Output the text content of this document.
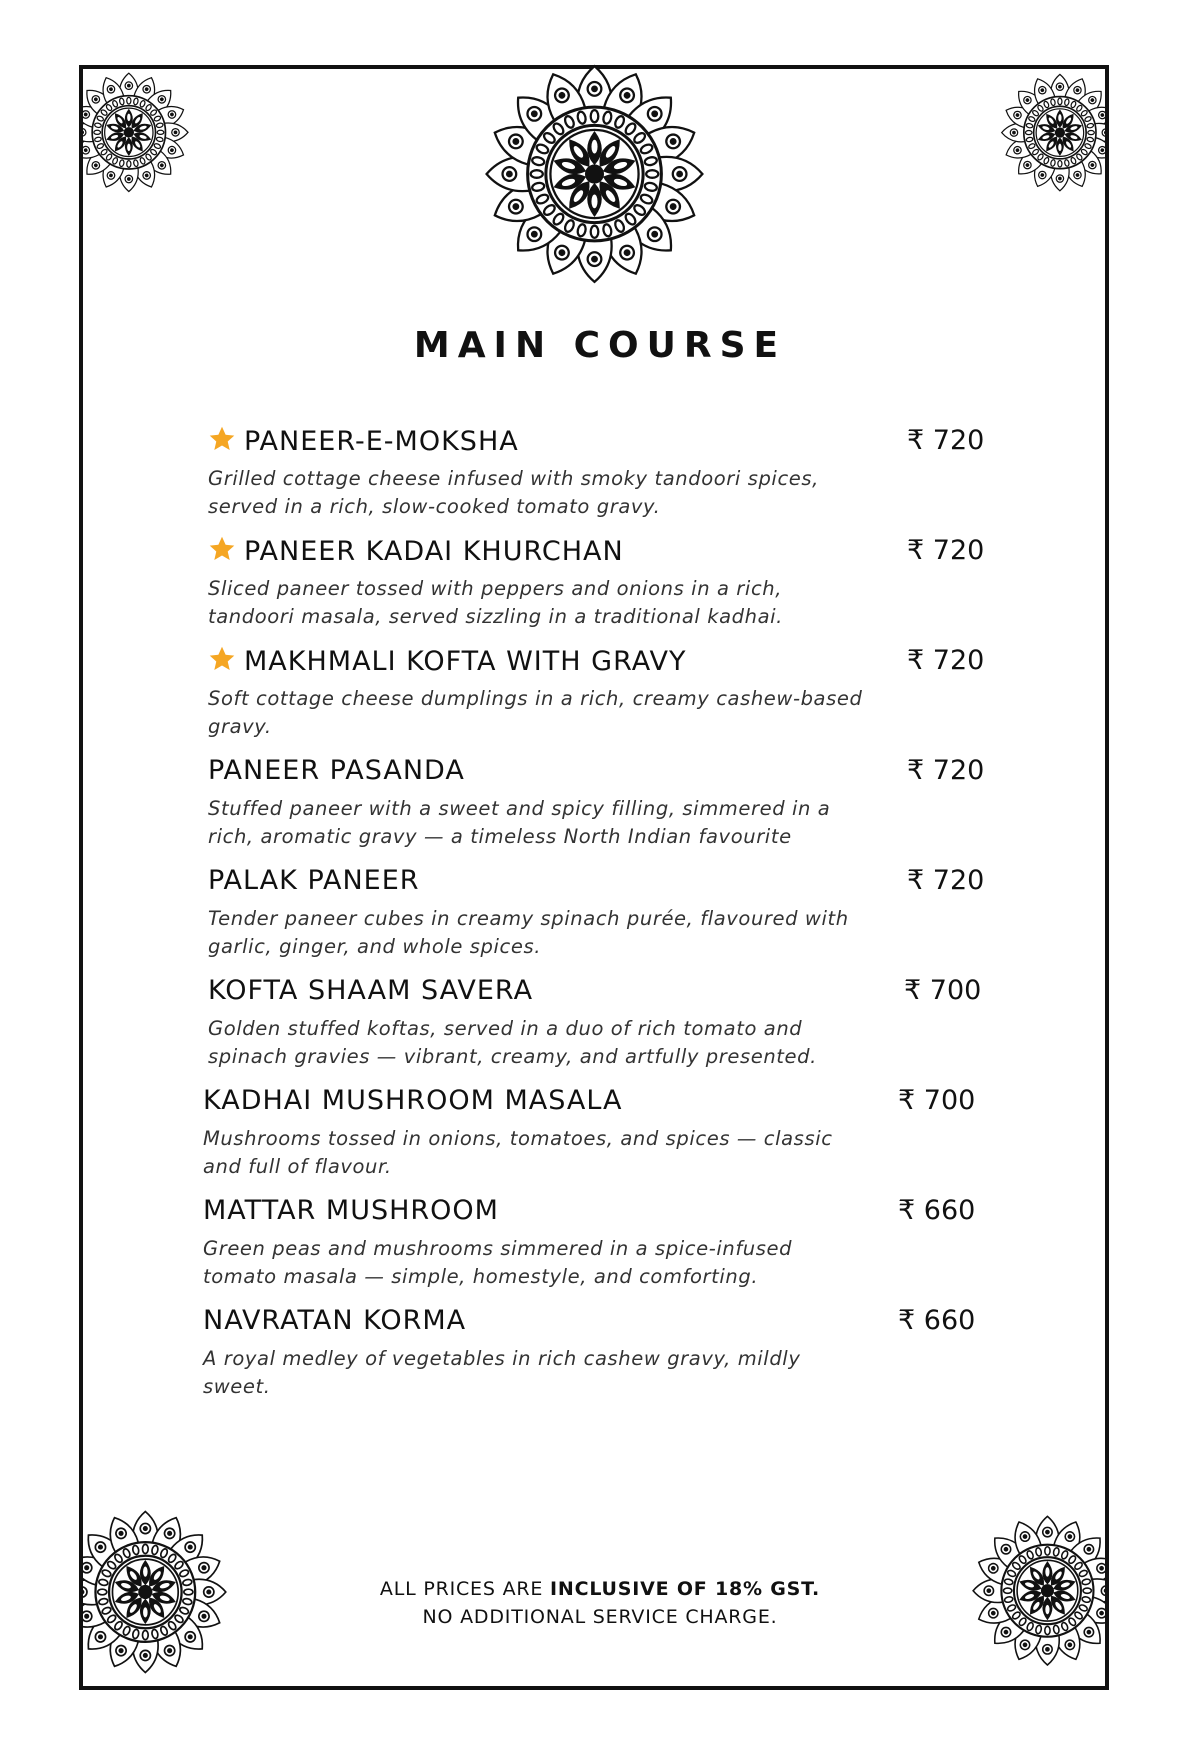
MAIN COURSE
PANEER-E-MOKSHA	₹ 720
Grilled cottage cheese infused with smoky tandoori spices,
served in a rich, slow-cooked tomato gravy.
PANEER KADAI KHURCHAN	₹ 720
Sliced paneer tossed with peppers and onions in a rich,
tandoori masala, served sizzling in a traditional kadhai.
MAKHMALI KOFTA WITH GRAVY	₹ 720
Soft cottage cheese dumplings in a rich, creamy cashew-based
gravy.
PANEER PASANDA	₹ 720
Stuffed paneer with a sweet and spicy filling, simmered in a
rich, aromatic gravy — a timeless North Indian favourite
PALAK PANEER	₹ 720
Tender paneer cubes in creamy spinach purée, flavoured with
garlic, ginger, and whole spices.
KOFTA SHAAM SAVERA	₹ 700
Golden stuffed koftas, served in a duo of rich tomato and
spinach gravies — vibrant, creamy, and artfully presented.
KADHAI MUSHROOM MASALA	₹ 700
Mushrooms tossed in onions, tomatoes, and spices — classic
and full of flavour.
MATTAR MUSHROOM	₹ 660
Green peas and mushrooms simmered in a spice-infused
tomato masala — simple, homestyle, and comforting.
NAVRATAN KORMA	₹ 660
A royal medley of vegetables in rich cashew gravy, mildly
sweet.
ALL PRICES ARE INCLUSIVE OF 18% GST.
NO ADDITIONAL SERVICE CHARGE.
